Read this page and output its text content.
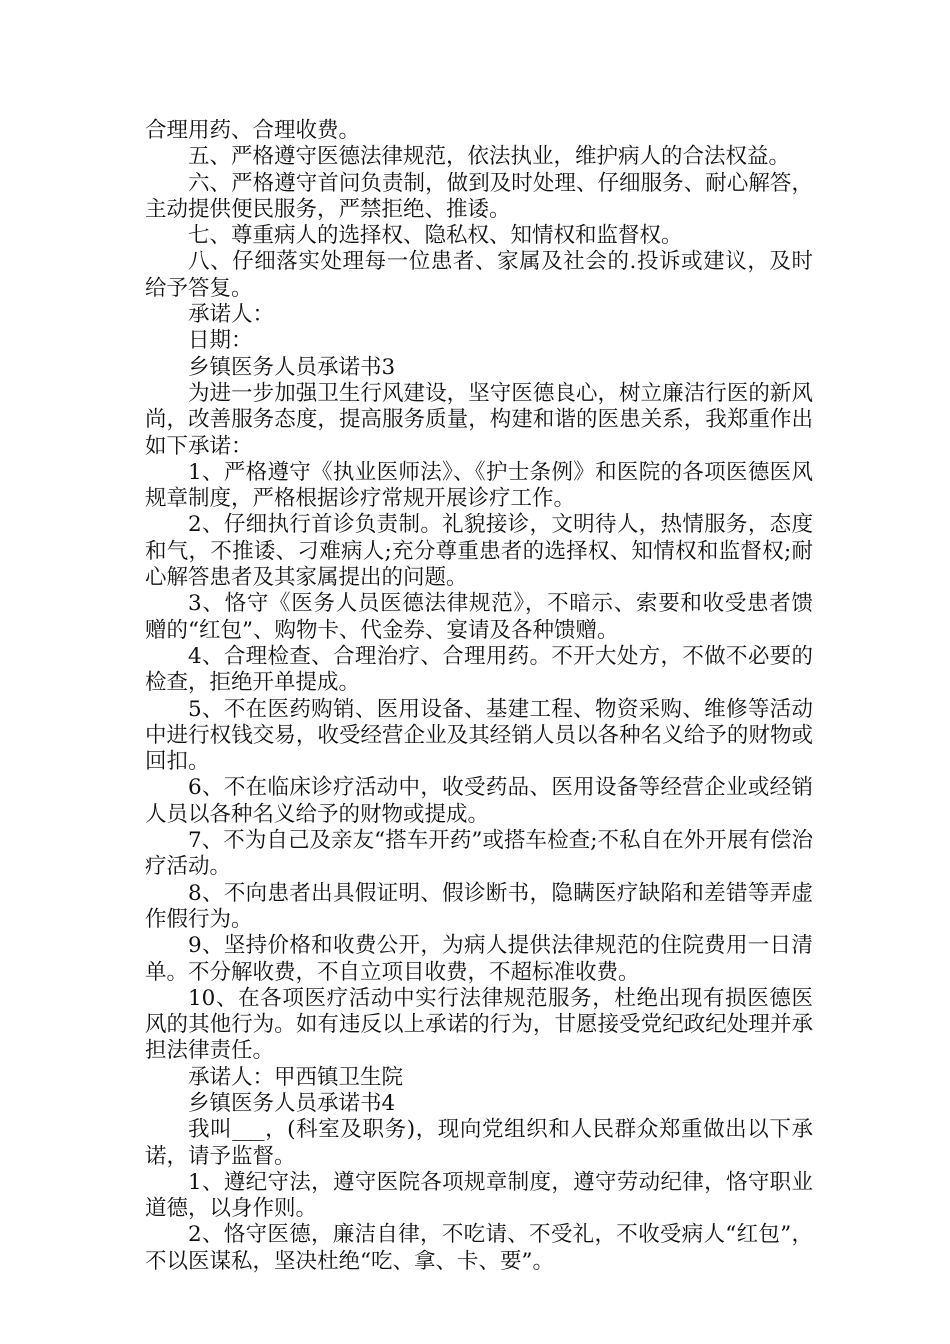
合理用药、合理收费。

五、严格遵守医德法律规范，依法执业，维护病人的合法权益。

六、严格遵守首问负责制，做到及时处理、仔细服务、耐心解答，主动提供便民服务，严禁拒绝、推诿。

七、尊重病人的选择权、隐私权、知情权和监督权。

八、仔细落实处理每一位患者、家属及社会的.投诉或建议，及时给予答复。

承诺人：

日期：

乡镇医务人员承诺书3

为进一步加强卫生行风建设，坚守医德良心，树立廉洁行医的新风尚，改善服务态度，提高服务质量，构建和谐的医患关系，我郑重作出如下承诺：

1、严格遵守《执业医师法》、《护士条例》和医院的各项医德医风规章制度，严格根据诊疗常规开展诊疗工作。

2、仔细执行首诊负责制。礼貌接诊，文明待人，热情服务，态度和气，不推诿、刁难病人;充分尊重患者的选择权、知情权和监督权;耐心解答患者及其家属提出的问题。

3、恪守《医务人员医德法律规范》，不暗示、索要和收受患者馈赠的“红包”、购物卡、代金券、宴请及各种馈赠。

4、合理检查、合理治疗、合理用药。不开大处方，不做不必要的检查，拒绝开单提成。

5、不在医药购销、医用设备、基建工程、物资采购、维修等活动中进行权钱交易，收受经营企业及其经销人员以各种名义给予的财物或回扣。

6、不在临床诊疗活动中，收受药品、医用设备等经营企业或经销人员以各种名义给予的财物或提成。

7、不为自己及亲友“搭车开药”或搭车检查;不私自在外开展有偿治疗活动。

8、不向患者出具假证明、假诊断书，隐瞒医疗缺陷和差错等弄虚作假行为。

9、坚持价格和收费公开，为病人提供法律规范的住院费用一日清单。不分解收费，不自立项目收费，不超标准收费。

10、在各项医疗活动中实行法律规范服务，杜绝出现有损医德医风的其他行为。如有违反以上承诺的行为，甘愿接受党纪政纪处理并承担法律责任。

承诺人：甲西镇卫生院

乡镇医务人员承诺书4

我叫___，(科室及职务)，现向党组织和人民群众郑重做出以下承诺，请予监督。

1、遵纪守法，遵守医院各项规章制度，遵守劳动纪律，恪守职业道德，以身作则。

2、恪守医德，廉洁自律，不吃请、不受礼，不收受病人“红包”，不以医谋私，坚决杜绝“吃、拿、卡、要”。
